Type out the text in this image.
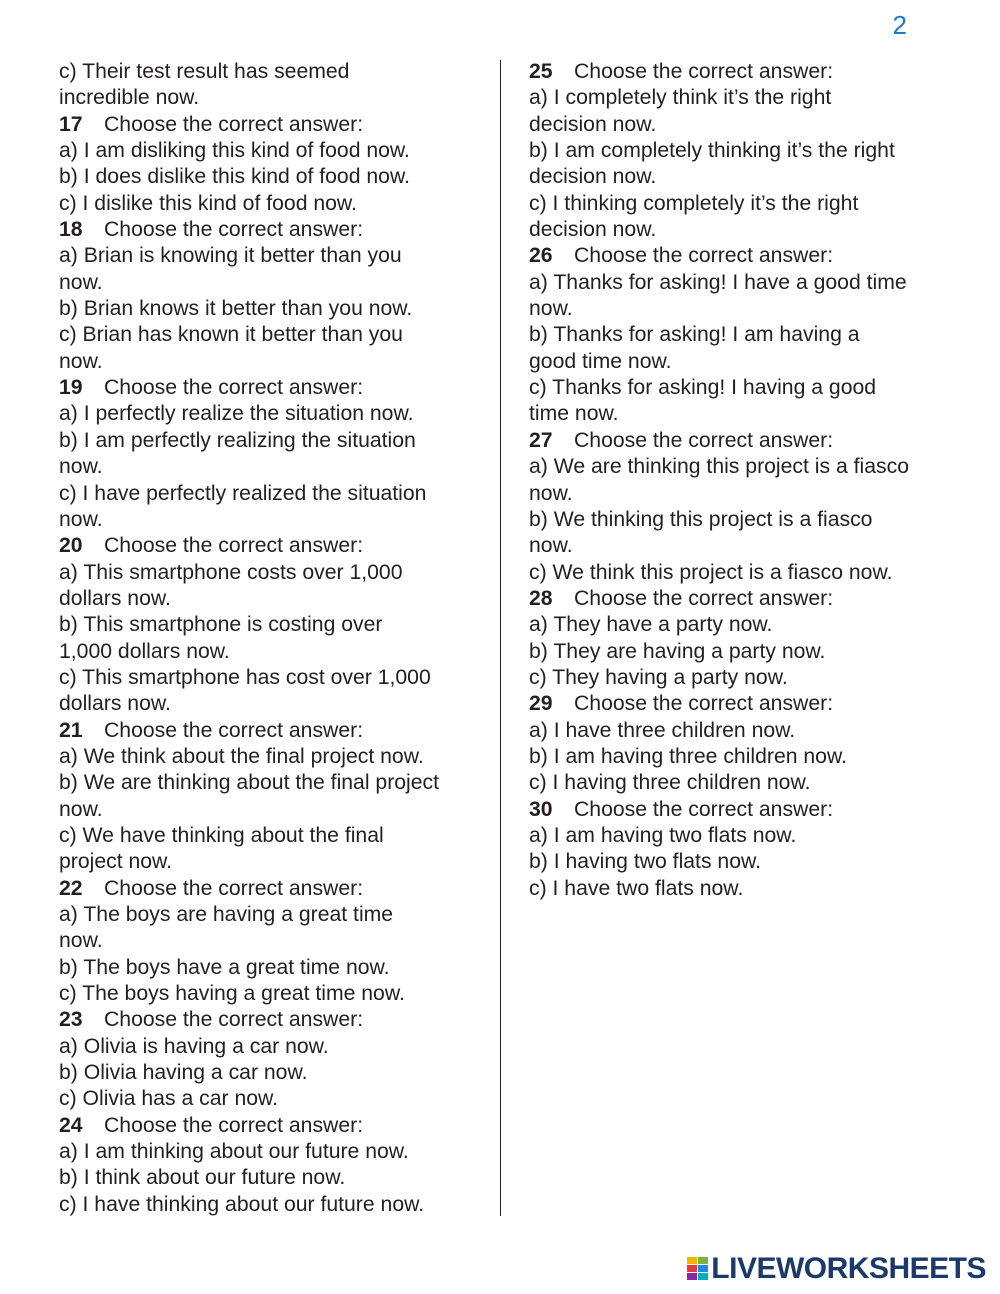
2
c) Their test result has seemed
incredible now.
17 Choose the correct answer:
a) I am disliking this kind of food now.
b) I does dislike this kind of food now.
c) I dislike this kind of food now.
18 Choose the correct answer:
a) Brian is knowing it better than you
now.
b) Brian knows it better than you now.
c) Brian has known it better than you
now.
19 Choose the correct answer:
a) I perfectly realize the situation now.
b) I am perfectly realizing the situation
now.
c) I have perfectly realized the situation
now.
20 Choose the correct answer:
a) This smartphone costs over 1,000
dollars now.
b) This smartphone is costing over
1,000 dollars now.
c) This smartphone has cost over 1,000
dollars now.
21 Choose the correct answer:
a) We think about the final project now.
b) We are thinking about the final project
now.
c) We have thinking about the final
project now.
22 Choose the correct answer:
a) The boys are having a great time
now.
b) The boys have a great time now.
c) The boys having a great time now.
23 Choose the correct answer:
a) Olivia is having a car now.
b) Olivia having a car now.
c) Olivia has a car now.
24 Choose the correct answer:
a) I am thinking about our future now.
b) I think about our future now.
c) I have thinking about our future now.
25 Choose the correct answer:
a) I completely think it’s the right
decision now.
b) I am completely thinking it’s the right
decision now.
c) I thinking completely it’s the right
decision now.
26 Choose the correct answer:
a) Thanks for asking! I have a good time
now.
b) Thanks for asking! I am having a
good time now.
c) Thanks for asking! I having a good
time now.
27 Choose the correct answer:
a) We are thinking this project is a fiasco
now.
b) We thinking this project is a fiasco
now.
c) We think this project is a fiasco now.
28 Choose the correct answer:
a) They have a party now.
b) They are having a party now.
c) They having a party now.
29 Choose the correct answer:
a) I have three children now.
b) I am having three children now.
c) I having three children now.
30 Choose the correct answer:
a) I am having two flats now.
b) I having two flats now.
c) I have two flats now.
LIVEWORKSHEETS
